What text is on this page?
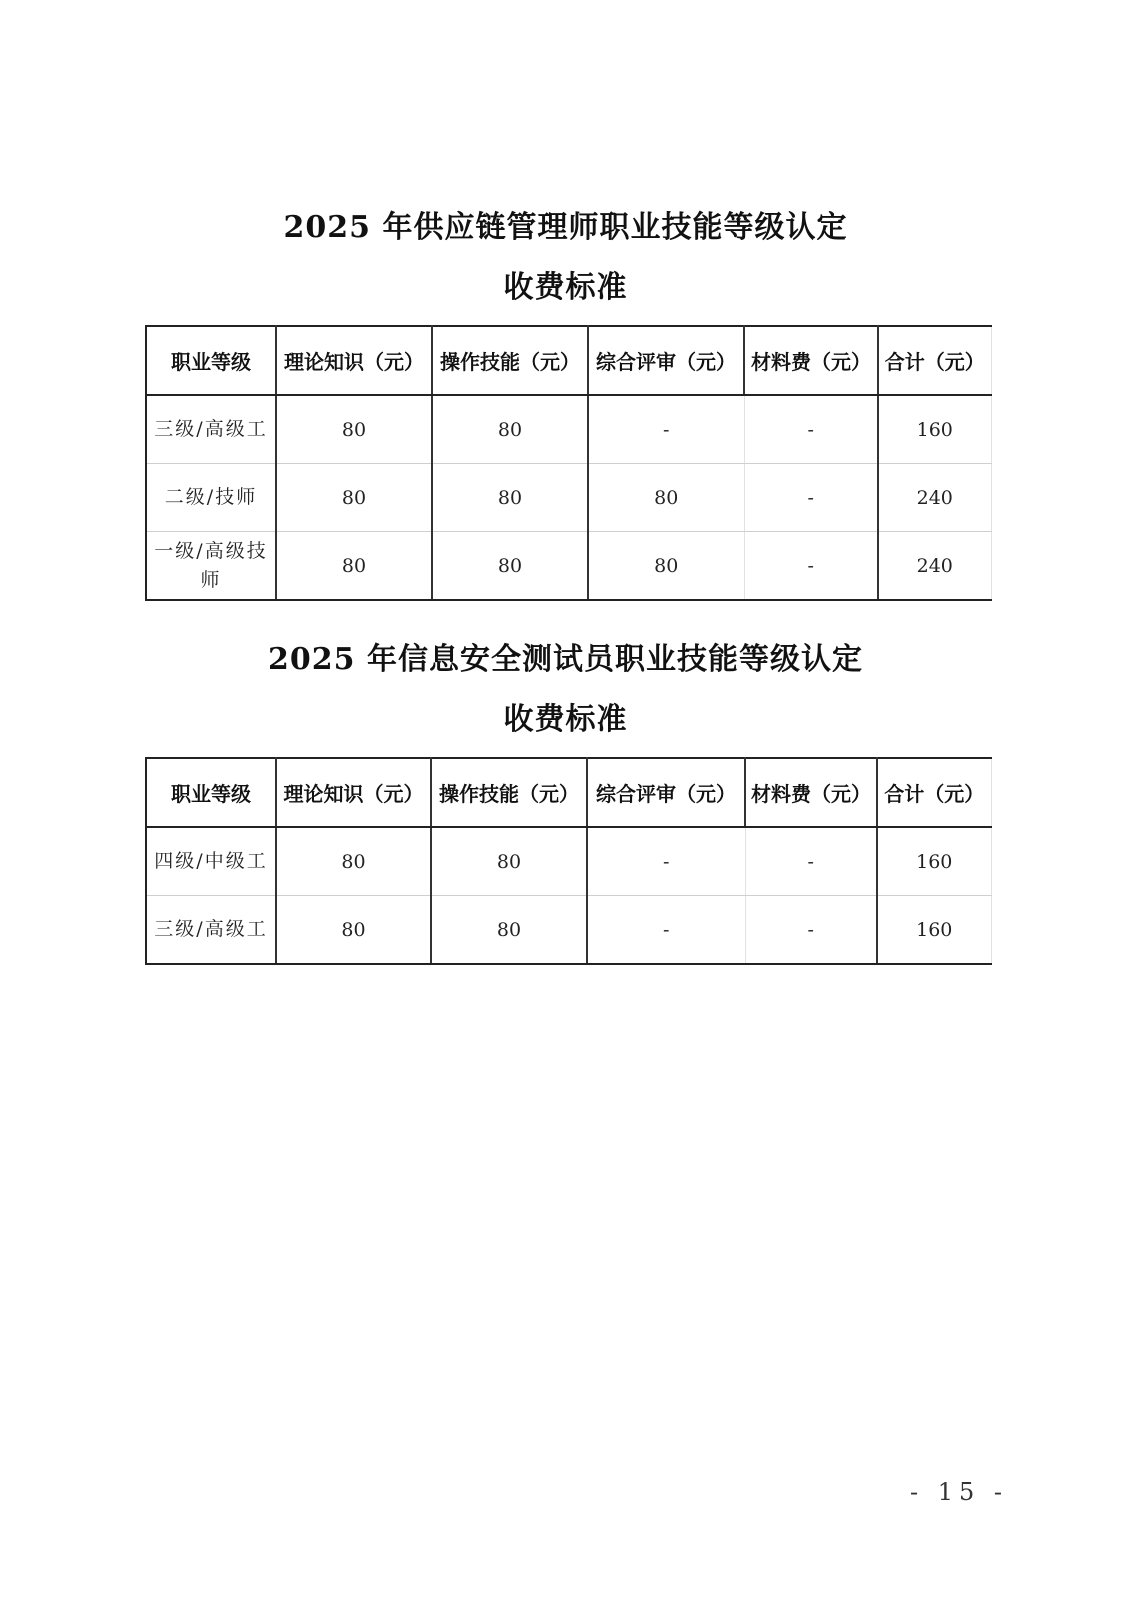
2025 年供应链管理师职业技能等级认定
收费标准
职业等级	理论知识（元）	操作技能（元）	综合评审（元）	材料费（元）	合计（元）
三级/高级工	80	80	-	-	160
二级/技师	80	80	80	-	240
一级/高级技师	80	80	80	-	240
2025 年信息安全测试员职业技能等级认定
收费标准
职业等级	理论知识（元）	操作技能（元）	综合评审（元）	材料费（元）	合计（元）
四级/中级工	80	80	-	-	160
三级/高级工	80	80	-	-	160
- 15 -
